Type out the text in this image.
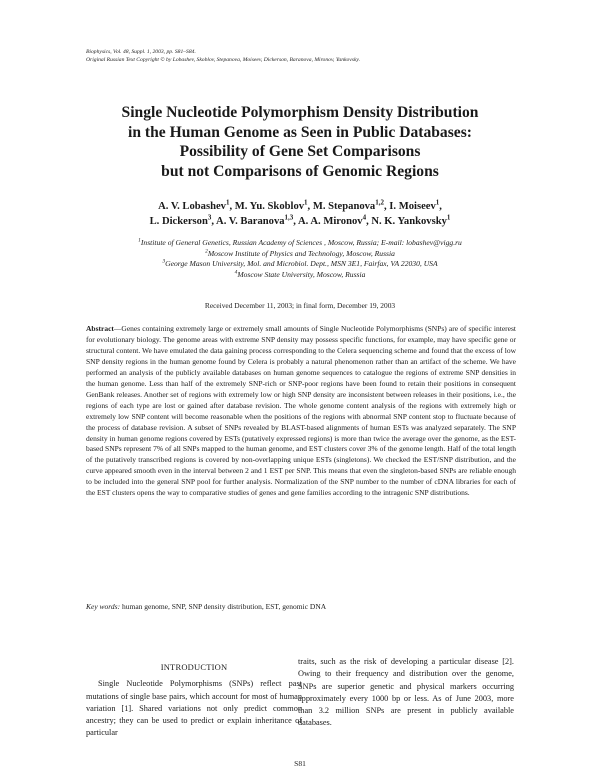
Biophysics, Vol. 48, Suppl. 1, 2003, pp. S81–S84.
Original Russian Text Copyright © by Lobashev, Skoblov, Stepanova, Moiseev, Dickerson, Baranova, Mironov, Yankovsky.
Single Nucleotide Polymorphism Density Distribution
in the Human Genome as Seen in Public Databases:
Possibility of Gene Set Comparisons
but not Comparisons of Genomic Regions
A. V. Lobashev$^1$, M. Yu. Skoblov$^1$, M. Stepanova$^{1,2}$, I. Moiseev$^1$,
L. Dickerson$^3$, A. V. Baranova$^{1,3}$, A. A. Mironov$^4$, N. K. Yankovsky$^1$
$^1$Institute of General Genetics, Russian Academy of Sciences , Moscow, Russia; E-mail: lobashev@vigg.ru
$^2$Moscow Institute of Physics and Technology, Moscow, Russia
$^3$George Mason University, Mol. and Microbiol. Dept., MSN 3E1, Fairfax, VA 22030, USA
$^4$Moscow State University, Moscow, Russia
Received December 11, 2003; in final form, December 19, 2003
Abstract—Genes containing extremely large or extremely small amounts of Single Nucleotide Polymorphisms (SNPs) are of specific interest for evolutionary biology. The genome areas with extreme SNP density may possess specific functions, for example, may have specific gene or structural content. We have emulated the data gaining process corresponding to the Celera sequencing scheme and found that the excess of low SNP density regions in the human genome found by Celera is probably a natural phenomenon rather than an artifact of the scheme. We have performed an analysis of the publicly available databases on human genome sequences to catalogue the regions of extreme SNP densities in the human genome. Less than half of the extremely SNP-rich or SNP-poor regions have been found to retain their positions in consequent GenBank releases. Another set of regions with extremely low or high SNP density are inconsistent between releases in their positions, i.e., the regions of each type are lost or gained after database revision. The whole genome content analysis of the regions with extremely high or extremely low SNP content will become reasonable when the positions of the regions with abnormal SNP content stop to fluctuate because of the process of database revision. A subset of SNPs revealed by BLAST-based alignments of human ESTs was analyzed separately. The SNP density in human genome regions covered by ESTs (putatively expressed regions) is more than twice the average over the genome, as the EST-based SNPs represent 7% of all SNPs mapped to the human genome, and EST clusters cover 3% of the genome length. Half of the total length of the putatively transcribed regions is covered by non-overlapping unique ESTs (singletons). We checked the EST/SNP distribution, and the curve appeared smooth even in the interval between 2 and 1 EST per SNP. This means that even the singleton-based SNPs are reliable enough to be included into the general SNP pool for further analysis. Normalization of the SNP number to the number of cDNA libraries for each of the EST clusters opens the way to comparative studies of genes and gene families according to the intragenic SNP distributions.
Key words: human genome, SNP, SNP density distribution, EST, genomic DNA
INTRODUCTION
Single Nucleotide Polymorphisms (SNPs) reflect past mutations of single base pairs, which account for most of human variation [1]. Shared variations not only predict common ancestry; they can be used to predict or explain inheritance of particular
traits, such as the risk of developing a particular disease [2]. Owing to their frequency and distribution over the genome, SNPs are superior genetic and physical markers occurring approximately every 1000 bp or less. As of June 2003, more than 3.2 million SNPs are present in publicly available databases.
S81
